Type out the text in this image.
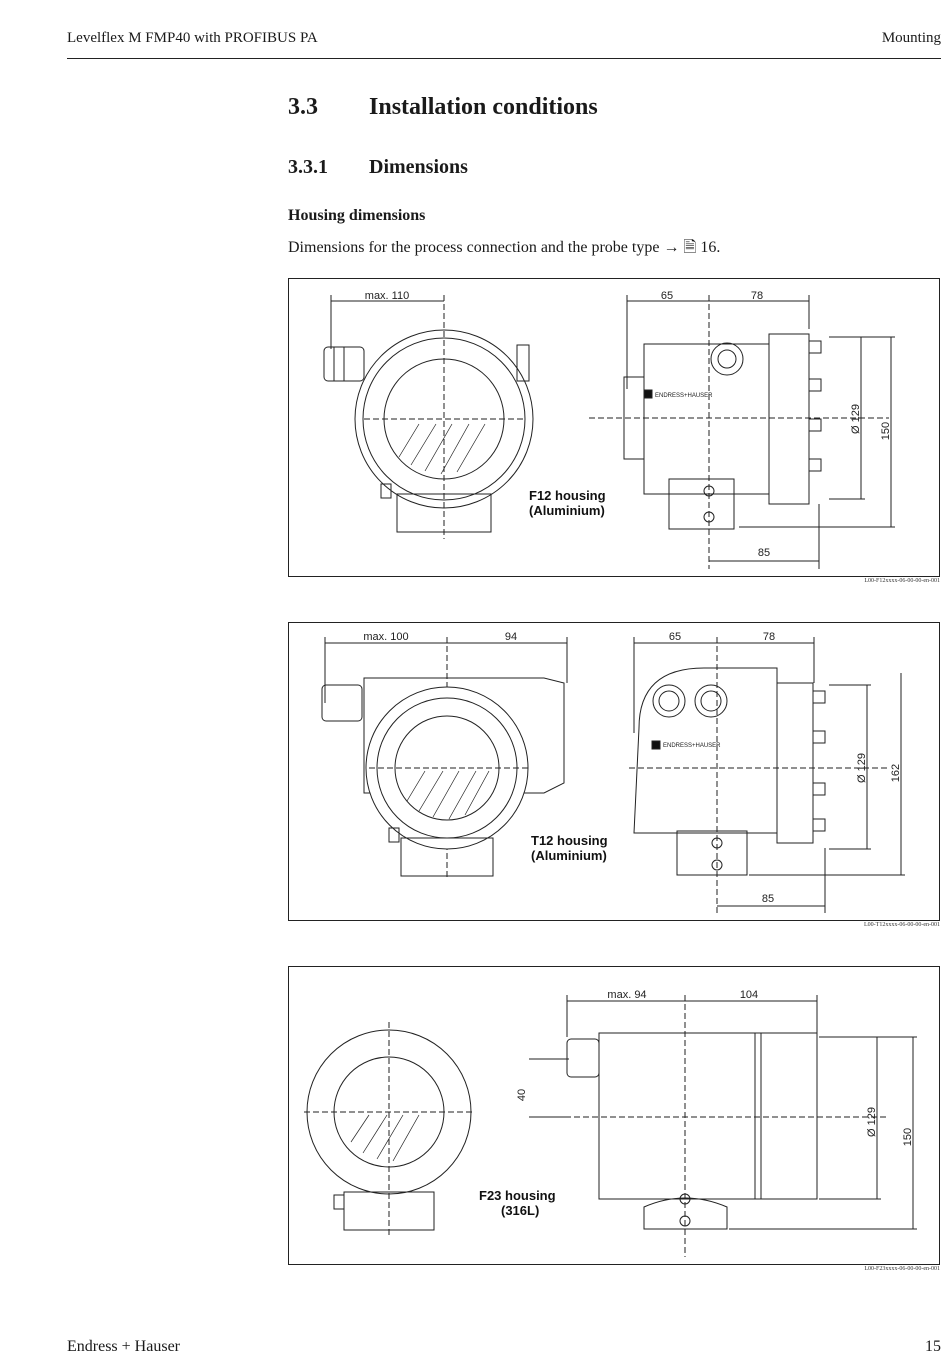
Levelflex M FMP40 with PROFIBUS PA	Mounting
3.3 Installation conditions
3.3.1 Dimensions
Housing dimensions
Dimensions for the process connection and the probe type → 🗎 16.
max. 110
F12 housing
(Aluminium)
65	78
ENDRESS+HAUSER
Ø 129 150
85
L00-F12xxxx-06-00-00-en-001
max. 100	94
T12 housing
(Aluminium)
65	78
ENDRESS+HAUSER
Ø 129 162
85
L00-T12xxxx-06-00-00-en-001
max. 94	104
40
F23 housing
(316L)
Ø 129
150
L00-F23xxxx-06-00-00-en-001
Endress + Hauser	15
